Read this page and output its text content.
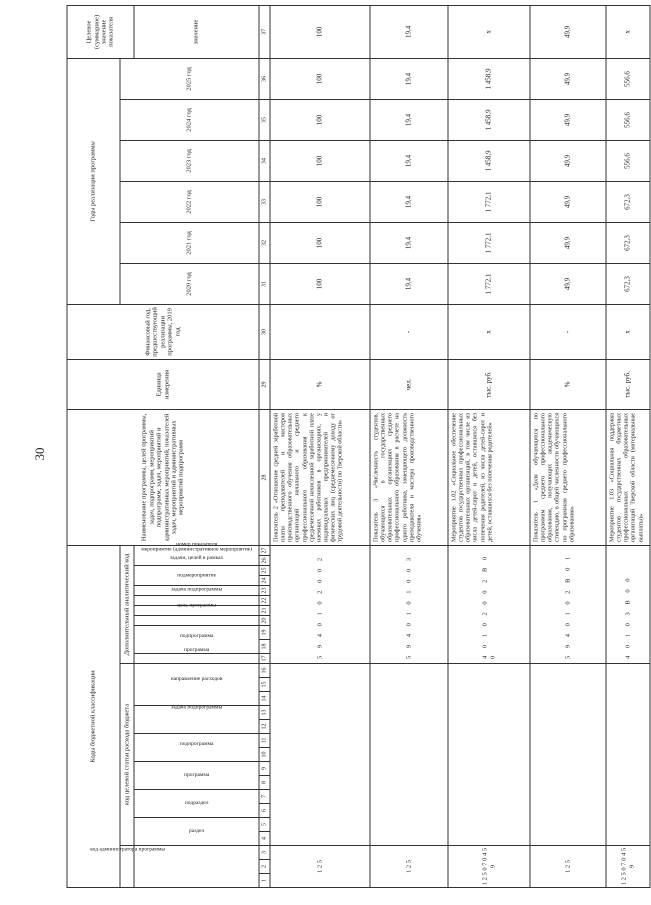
30
Коды бюджетной классификации																											Наименование программы, целей программы, задач, подпрограмм, мероприятий подпрограмм, задач, мероприятий и административных мероприятий, показателей задач, мероприятий и административных мероприятий подпрограмм	Единица измерения	Финансовый год, предшествующий реализации программы, 2019 год	Годы реализации программы						Целевое (суммарное) значение показателя
код администратора программы			код целевой статьи расхода бюджета													Дополнительный аналитический код														2020 год	2021 год	2022 год	2023 год	2024 год	2025 год	
			раздел		подраздел		программа		подпрограмма		задача подпрограммы		направление расходов			программа	подпрограмма		цель программы	задача подпрограммы	мероприятие (административное мероприятие)	подмероприятие	задачи, целей в рамках		номер показателя											значение
1	2	3	4	5	6	7	8	9	10	11	12	13	14	15	16	17	18	19	20	21	22	23	24	25	26	27	28	29	30	31	32	33	34	35	36	37
1 2 5																5 9 4 0 1 0 2 0 0 2											Показатель 2 «Отношение средней заработной платы преподавателей и мастеров производственного обучения образовательных организаций начального и среднего профессионального образования к среднемесячной начисленной заработной плате наемных работников в организациях, у индивидуальных предпринимателей и физических лиц (среднемесячному доходу от трудовой деятельности) по Тверской области»	%		100	100	100	100	100	100	100
1 2 5																5 9 4 0 1 0 1 0 0 3											Показатель 3 «Численность студентов, обучающихся в государственных образовательных организациях среднего профессионального образования в расчете на одного работника, замещающего должность преподавателя и мастера производственного обучения»	чел.	-	19,4	19,4	19,4	19,4	19,4	19,4	19,4
1 2 5 0 7 0 4 5 9																4 0 1 0 2 0 0 2 В 0 0											Мероприятие 1.02 «Социальное обеспечение студентов государственных профессиональных образовательных организаций, в том числе из числа детей-сирот и детей, оставшихся без попечения родителей, из числа детей-сирот и детей, оставшихся без попечения родителей»	тыс. руб.	x	1 772,1	1 772,1	1 772,1	1 458,9	1 458,9	1 458,9	x
1 2 5																5 9 4 0 1 0 2 В 0 1											Показатель 1 «Доля обучающихся по программам среднего профессионального образования, получающих академическую стипендию, в общей численности обучающихся по программам среднего профессионального образования»	%	-	49,9	49,9	49,9	49,9	49,9	49,9	49,9
1 2 5 0 7 0 4 5 9																4 0 1 0 3 В 0 0											Мероприятие 1.03 «Социальная поддержка студентов государственных бюджетных профессиональных образовательных организаций Тверской области (материальные выплаты)»	тыс. руб.	x	672,3	672,3	672,3	556,6	556,6	556,6	x
